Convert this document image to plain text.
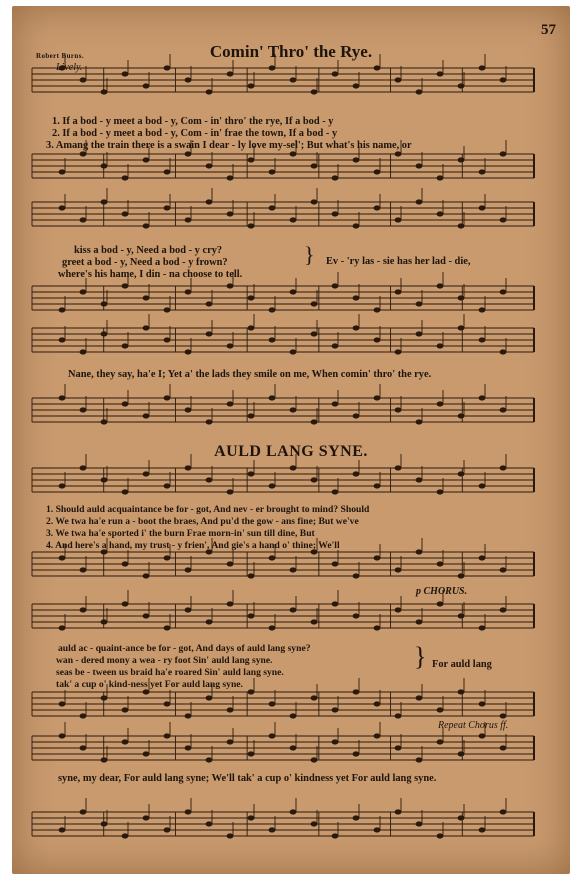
57
Robert Burns.
Lively.
Comin' Thro' the Rye.
1. If a bod - y meet a bod - y, Com - in' thro' the rye, If a bod - y
2. If a bod - y meet a bod - y, Com - in' frae the town, If a bod - y
3. Amang the train there is a swain I dear - ly love my-sel'; But what's his name, or
kiss a bod - y, Need a bod - y cry?
greet a bod - y, Need a bod - y frown?
where's his hame, I din - na choose to tell.
} Ev - 'ry las - sie has her lad - die,
Nane, they say, ha'e I; Yet a' the lads they smile on me, When comin' thro' the rye.
AULD LANG SYNE.
1. Should auld acquaintance be for - got, And nev - er brought to mind? Should
2. We twa ha'e run a - boot the braes, And pu'd the gow - ans fine; But we've
3. We twa ha'e sported i' the burn Frae morn-in' sun till dine, But
4. And here's a hand, my trust - y frien', And gie's a hand o' thine; We'll
p CHORUS.
auld ac - quaint-ance be for - got, And days of auld lang syne?
wan - dered mony a wea - ry foot Sin' auld lang syne.
seas be - tween us braid ha'e roared Sin' auld lang syne.
tak' a cup o' kind-ness yet For auld lang syne.
} For auld lang
Repeat Chorus ff.
syne, my dear, For auld lang syne; We'll tak' a cup o' kindness yet For auld lang syne.
